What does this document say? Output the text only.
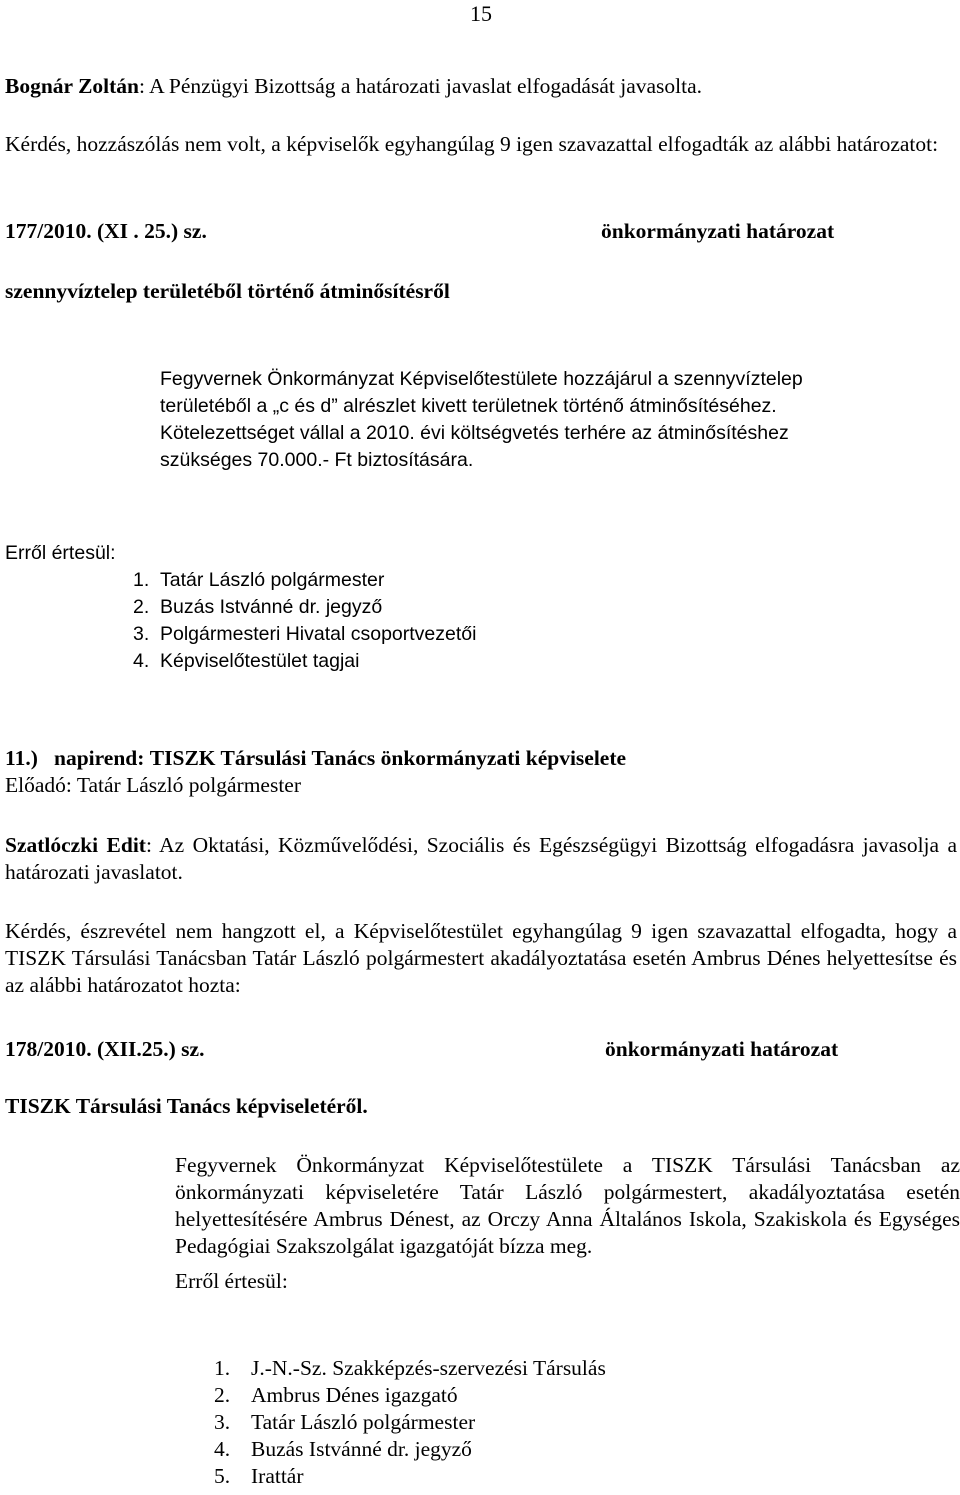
15

Bognár Zoltán: A Pénzügyi Bizottság a határozati javaslat elfogadását javasolta.

Kérdés, hozzászólás nem volt, a képviselők egyhangúlag 9 igen szavazattal elfogadták az alábbi határozatot:

177/2010. (XI . 25.) sz.	önkormányzati határozat
szennyvíztelep területéből történő átminősítésről
Fegyvernek Önkormányzat Képviselőtestülete hozzájárul a szennyvíztelep
területéből a „c és d” alrészlet kivett területnek történő átminősítéséhez.
Kötelezettséget vállal a 2010. évi költségvetés terhére az átminősítéshez
szükséges 70.000.- Ft biztosítására.
Erről értesül:
1. Tatár László polgármester
2. Buzás Istvánné dr. jegyző
3. Polgármesteri Hivatal csoportvezetői
4. Képviselőtestület tagjai
11.) napirend: TISZK Társulási Tanács önkormányzati képviselete
Előadó: Tatár László polgármester

Szatlóczki Edit: Az Oktatási, Közművelődési, Szociális és Egészségügyi Bizottság elfogadásra javasolja a határozati javaslatot.

Kérdés, észrevétel nem hangzott el, a Képviselőtestület egyhangúlag 9 igen szavazattal elfogadta, hogy a TISZK Társulási Tanácsban Tatár László polgármestert akadályoztatása esetén Ambrus Dénes helyettesítse és az alábbi határozatot hozta:

178/2010. (XII.25.) sz.	önkormányzati határozat
TISZK Társulási Tanács képviseletéről.

Fegyvernek Önkormányzat Képviselőtestülete a TISZK Társulási Tanácsban az önkormányzati képviseletére Tatár László polgármestert, akadályoztatása esetén helyettesítésére Ambrus Dénest, az Orczy Anna Általános Iskola, Szakiskola és Egységes Pedagógiai Szakszolgálat igazgatóját bízza meg.

Erről értesül:
1. J.-N.-Sz. Szakképzés-szervezési Társulás
2. Ambrus Dénes igazgató
3. Tatár László polgármester
4. Buzás Istvánné dr. jegyző
5. Irattár
